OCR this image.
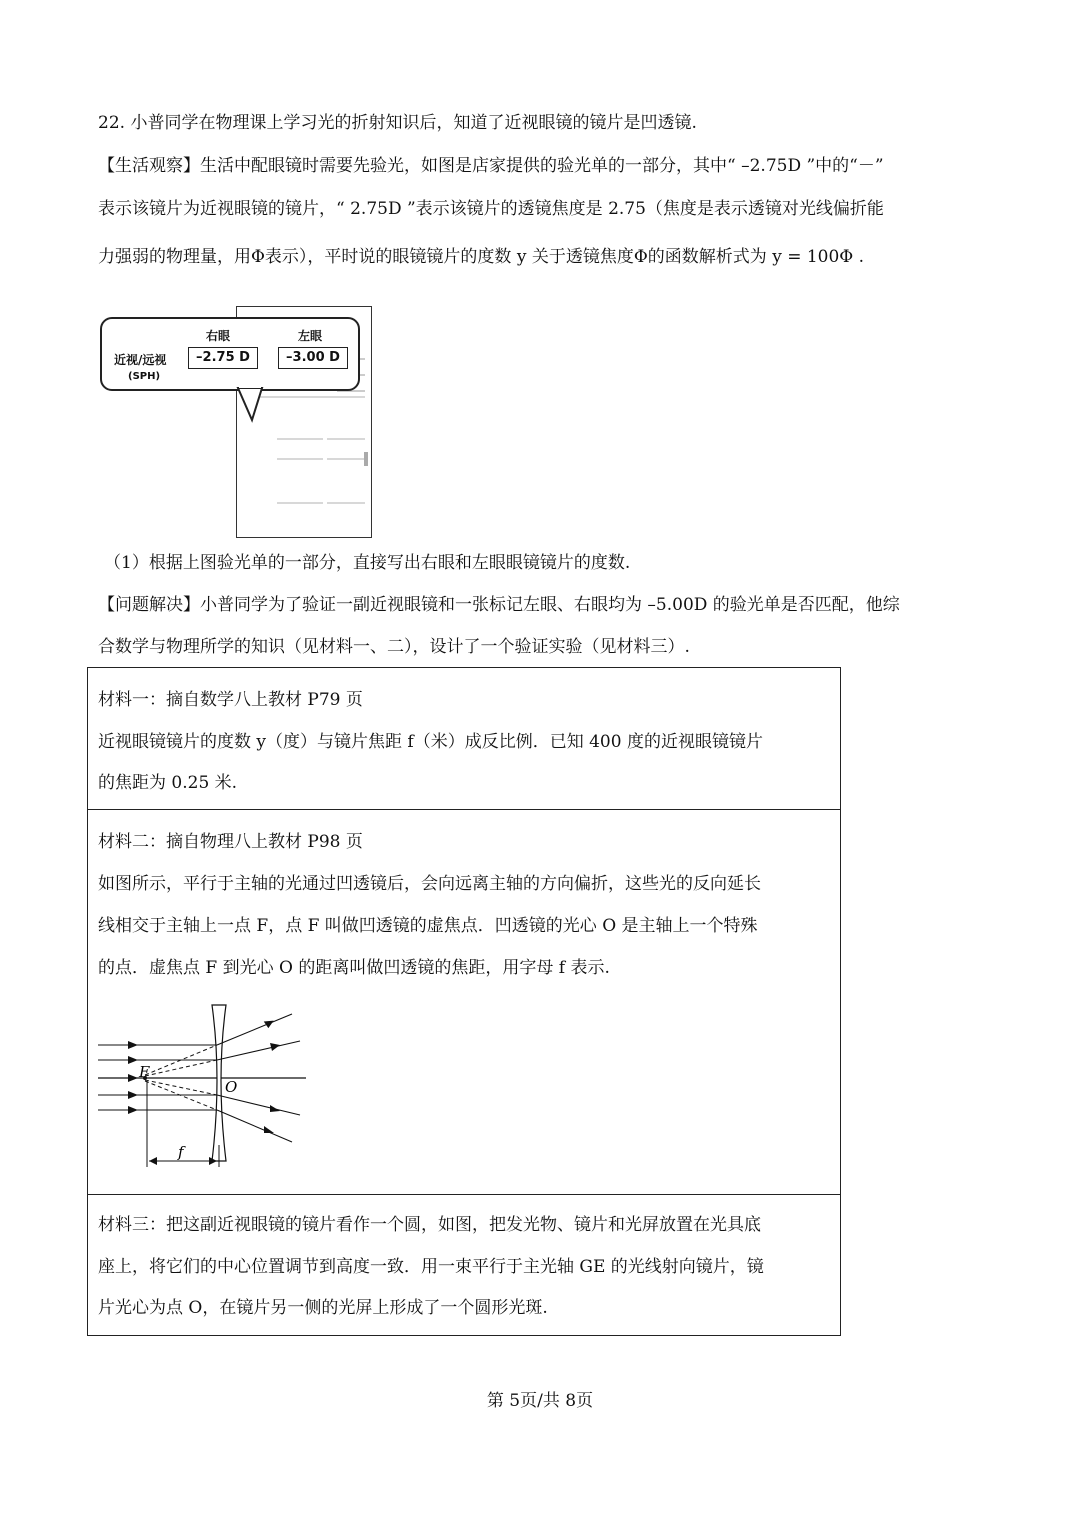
22. 小普同学在物理课上学习光的折射知识后，知道了近视眼镜的镜片是凹透镜.
【生活观察】生活中配眼镜时需要先验光，如图是店家提供的验光单的一部分，其中“ –2.75D ”中的“－”
表示该镜片为近视眼镜的镜片，“ 2.75D ”表示该镜片的透镜焦度是 2.75（焦度是表示透镜对光线偏折能
力强弱的物理量，用Φ表示），平时说的眼镜镜片的度数 y 关于透镜焦度Φ的函数解析式为 y = 100Φ .
右眼	左眼
近视/远视
(SPH)
–2.75 D	–3.00 D
（1）根据上图验光单的一部分，直接写出右眼和左眼眼镜镜片的度数.
【问题解决】小普同学为了验证一副近视眼镜和一张标记左眼、右眼均为 –5.00D 的验光单是否匹配，他综
合数学与物理所学的知识（见材料一、二），设计了一个验证实验（见材料三）.
材料一：摘自数学八上教材 P79 页
近视眼镜镜片的度数 y（度）与镜片焦距 f（米）成反比例．已知 400 度的近视眼镜镜片
的焦距为 0.25 米.
材料二：摘自物理八上教材 P98 页
如图所示，平行于主轴的光通过凹透镜后，会向远离主轴的方向偏折，这些光的反向延长
线相交于主轴上一点 F，点 F 叫做凹透镜的虚焦点．凹透镜的光心 O 是主轴上一个特殊
的点．虚焦点 F 到光心 O 的距离叫做凹透镜的焦距，用字母 f 表示.
F
O
f
材料三：把这副近视眼镜的镜片看作一个圆，如图，把发光物、镜片和光屏放置在光具底
座上，将它们的中心位置调节到高度一致．用一束平行于主光轴 GE 的光线射向镜片，镜
片光心为点 O，在镜片另一侧的光屏上形成了一个圆形光斑.
第 5页/共 8页
